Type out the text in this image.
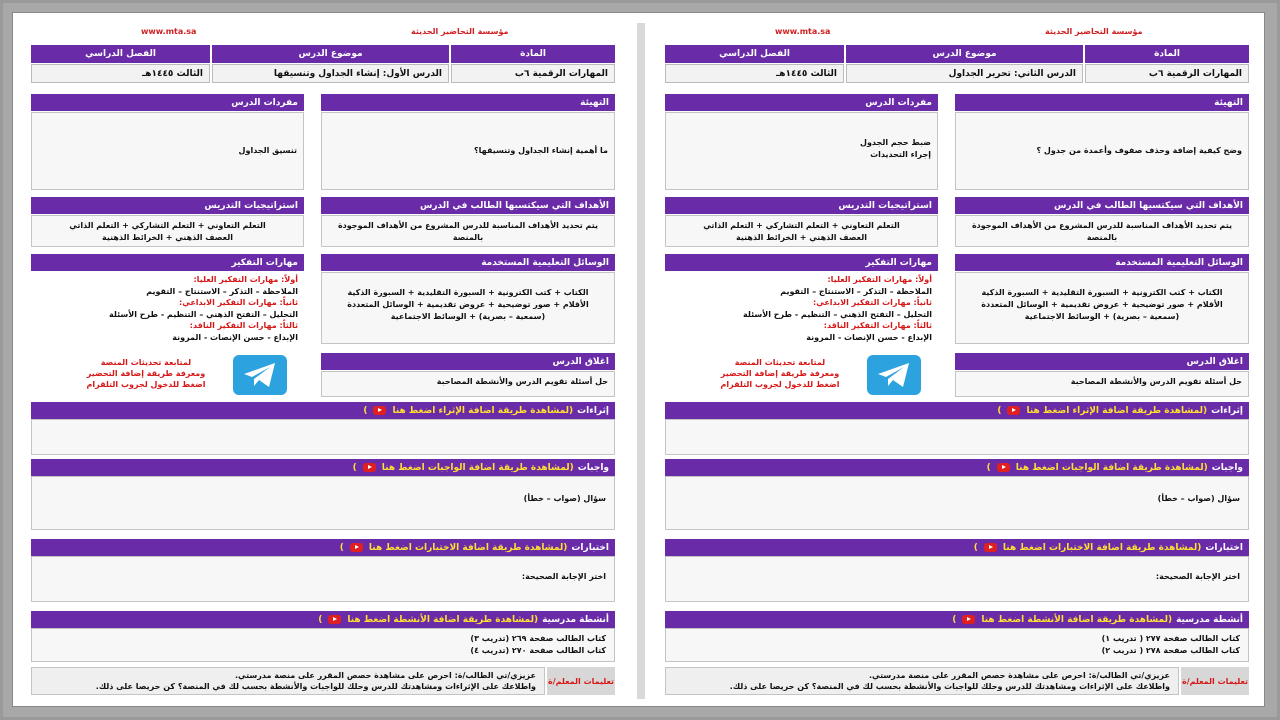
www.mta.sa	مؤسسة التحاضير الحديثة
المادة
موضوع الدرس
الفصل الدراسي
المهارات الرقمية ٦ب
الدرس الأول: إنشاء الجداول وتنسيقها
الثالث ١٤٤٥هـ
التهيئة
ما أهمية إنشاء الجداول وتنسيقها؟
مفردات الدرس
تنسيق الجداول
الأهداف التي سيكتسبها الطالب في الدرس
يتم تحديد الأهداف المناسبة للدرس المشروع من الأهداف الموجودة بالمنصة
استراتيجيات التدريس
التعلم التعاوني + التعلم التشاركي + التعلم الذاتي
العصف الذهني + الخرائط الذهنية
الوسائل التعليمية المستخدمة
الكتاب + كتب الكترونية + السبورة التقليدية + السبورة الذكية
الأقلام + صور توضيحية + عروض تقديمية + الوسائل المتعددة
(سمعية – بصرية) + الوسائط الاجتماعية
مهارات التفكير
أولاً: مهارات التفكير العليا:
الملاحظة – التذكر – الاستنتاج – التقويم
ثانياً: مهارات التفكير الابداعي:
التحليل – التفتح الذهني – التنظيم - طرح الأسئلة
ثالثاً: مهارات التفكير الناقد:
الإبداع - حسن الإنصات - المرونة
اغلاق الدرس
حل أسئلة تقويم الدرس والأنشطة المصاحبة
لمتابعة تحديثات المنصة
ومعرفة طريقة إضافة التحضير
اضغط للدخول لجروب التلقرام
إثراءات
(لمشاهدة طريقة اضافة الإثراء اضغط هنا
)
واجبات
(لمشاهدة طريقة اضافة الواجبات اضغط هنا
)
سؤال (صواب – خطأ)
اختبارات
(لمشاهدة طريقة اضافة الاختبارات اضغط هنا
)
اختر الإجابة الصحيحة:
أنشطة مدرسية
(لمشاهدة طريقة اضافة الأنشطة اضغط هنا
)
كتاب الطالب صفحة ٢٦٩ (تدريب ٣)
كتاب الطالب صفحة ٢٧٠ (تدريب ٤)
تعليمات المعلم/ة
عزيزي/تي الطالب/ة: احرص على مشاهدة حصص المقرر على منصة مدرستي.
واطلاعك على الإثراءات ومشاهدتك للدرس وحلك للواجبات والأنشطة بحسب لك في المنصة؟ كن حريصا على ذلك.
www.mta.sa	مؤسسة التحاضير الحديثة
المادة
موضوع الدرس
الفصل الدراسي
المهارات الرقمية ٦ب
الدرس الثاني: تحرير الجداول
الثالث ١٤٤٥هـ
التهيئة
وضح كيفية إضافة وحذف صفوف وأعمدة من جدول ؟
مفردات الدرس
ضبط حجم الجدول
إجراء التحديدات
الأهداف التي سيكتسبها الطالب في الدرس
يتم تحديد الأهداف المناسبة للدرس المشروع من الأهداف الموجودة بالمنصة
استراتيجيات التدريس
التعلم التعاوني + التعلم التشاركي + التعلم الذاتي
العصف الذهني + الخرائط الذهنية
الوسائل التعليمية المستخدمة
الكتاب + كتب الكترونية + السبورة التقليدية + السبورة الذكية
الأقلام + صور توضيحية + عروض تقديمية + الوسائل المتعددة
(سمعية – بصرية) + الوسائط الاجتماعية
مهارات التفكير
أولاً: مهارات التفكير العليا:
الملاحظة – التذكر – الاستنتاج – التقويم
ثانياً: مهارات التفكير الابداعي:
التحليل – التفتح الذهني – التنظيم - طرح الأسئلة
ثالثاً: مهارات التفكير الناقد:
الإبداع - حسن الإنصات - المرونة
اغلاق الدرس
حل أسئلة تقويم الدرس والأنشطة المصاحبة
لمتابعة تحديثات المنصة
ومعرفة طريقة إضافة التحضير
اضغط للدخول لجروب التلقرام
إثراءات
(لمشاهدة طريقة اضافة الإثراء اضغط هنا
)
واجبات
(لمشاهدة طريقة اضافة الواجبات اضغط هنا
)
سؤال (صواب – خطأ)
اختبارات
(لمشاهدة طريقة اضافة الاختبارات اضغط هنا
)
اختر الإجابة الصحيحة:
أنشطة مدرسية
(لمشاهدة طريقة اضافة الأنشطة اضغط هنا
)
كتاب الطالب صفحة ٢٧٧ ( تدريب ١)
كتاب الطالب صفحة ٢٧٨ ( تدريب ٢)
تعليمات المعلم/ة
عزيزي/تي الطالب/ة: احرص على مشاهدة حصص المقرر على منصة مدرستي.
واطلاعك على الإثراءات ومشاهدتك للدرس وحلك للواجبات والأنشطة بحسب لك في المنصة؟ كن حريصا على ذلك.
